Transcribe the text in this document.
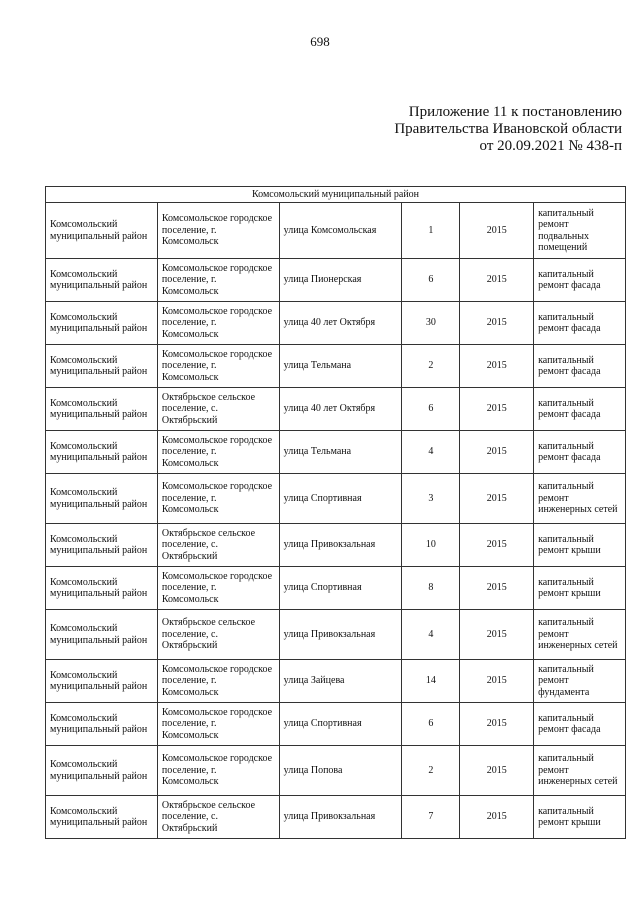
698
Приложение 11 к постановлению
Правительства Ивановской области
от 20.09.2021 № 438-п
Комсомольский муниципальный район					
Комсомольский муниципальный район	Комсомольское городское поселение, г. Комсомольск	улица Комсомольская	1	2015	капитальный ремонт подвальных помещений
Комсомольский муниципальный район	Комсомольское городское поселение, г. Комсомольск	улица Пионерская	6	2015	капитальный ремонт фасада
Комсомольский муниципальный район	Комсомольское городское поселение, г. Комсомольск	улица 40 лет Октября	30	2015	капитальный ремонт фасада
Комсомольский муниципальный район	Комсомольское городское поселение, г. Комсомольск	улица Тельмана	2	2015	капитальный ремонт фасада
Комсомольский муниципальный район	Октябрьское сельское поселение, с. Октябрьский	улица 40 лет Октября	6	2015	капитальный ремонт фасада
Комсомольский муниципальный район	Комсомольское городское поселение, г. Комсомольск	улица Тельмана	4	2015	капитальный ремонт фасада
Комсомольский муниципальный район	Комсомольское городское поселение, г. Комсомольск	улица Спортивная	3	2015	капитальный ремонт инженерных сетей
Комсомольский муниципальный район	Октябрьское сельское поселение, с. Октябрьский	улица Привокзальная	10	2015	капитальный ремонт крыши
Комсомольский муниципальный район	Комсомольское городское поселение, г. Комсомольск	улица Спортивная	8	2015	капитальный ремонт крыши
Комсомольский муниципальный район	Октябрьское сельское поселение, с. Октябрьский	улица Привокзальная	4	2015	капитальный ремонт инженерных сетей
Комсомольский муниципальный район	Комсомольское городское поселение, г. Комсомольск	улица Зайцева	14	2015	капитальный ремонт фундамента
Комсомольский муниципальный район	Комсомольское городское поселение, г. Комсомольск	улица Спортивная	6	2015	капитальный ремонт фасада
Комсомольский муниципальный район	Комсомольское городское поселение, г. Комсомольск	улица Попова	2	2015	капитальный ремонт инженерных сетей
Комсомольский муниципальный район	Октябрьское сельское поселение, с. Октябрьский	улица Привокзальная	7	2015	капитальный ремонт крыши
